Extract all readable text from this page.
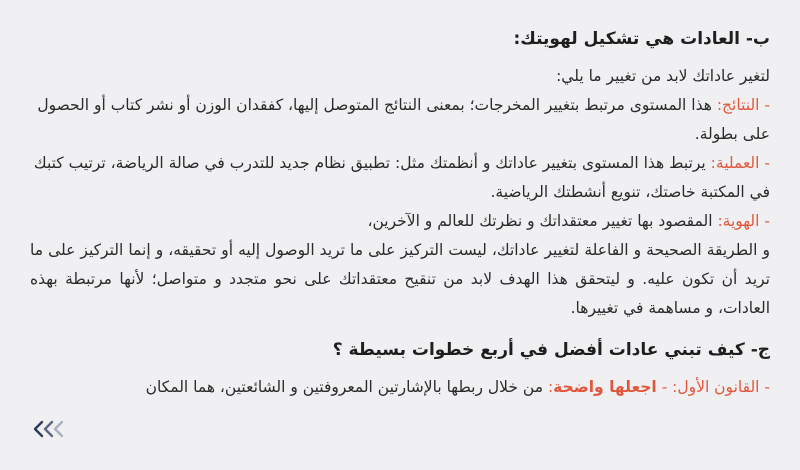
ب- العادات هي تشكيل لهويتك:

لتغير عاداتك لابد من تغيير ما يلي:

- النتائج: هذا المستوى مرتبط بتغيير المخرجات؛ بمعنى النتائج المتوصل إليها، كفقدان الوزن أو نشر كتاب أو الحصول على بطولة.

- العملية: يرتبط هذا المستوى بتغيير عاداتك و أنظمتك مثل: تطبيق نظام جديد للتدرب في صالة الرياضة، ترتيب كتبك في المكتبة خاصتك، تنويع أنشطتك الرياضية.

- الهوية: المقصود بها تغيير معتقداتك و نظرتك للعالم و الآخرين،

و الطريقة الصحيحة و الفاعلة لتغيير عاداتك، ليست التركيز على ما تريد الوصول إليه أو تحقيقه، و إنما التركيز على ما تريد أن تكون عليه. و ليتحقق هذا الهدف لابد من تنقيح معتقداتك على نحو متجدد و متواصل؛ لأنها مرتبطة بهذه العادات، و مساهمة في تغييرها.

ج- كيف تبني عادات أفضل في أربع خطوات بسيطة ؟

- القانون الأول: - اجعلها واضحة: من خلال ربطها بالإشارتين المعروفتين و الشائعتين، هما المكان
